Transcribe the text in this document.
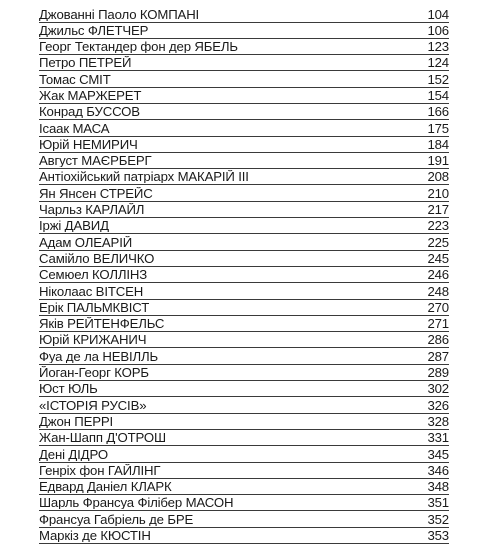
Джованні Паоло КОМПАНІ	104
Джильс ФЛЕТЧЕР	106
Георг Тектандер фон дер ЯБЕЛЬ	123
Петро ПЕТРЕЙ	124
Томас СМІТ	152
Жак МАРЖЕРЕТ	154
Конрад БУССОВ	166
Ісаак МАСА	175
Юрій НЕМИРИЧ	184
Август МАЄРБЕРГ	191
Антіохійський патріарх МАКАРІЙ III	208
Ян Янсен СТРЕЙС	210
Чарльз КАРЛАЙЛ	217
Іржі ДАВИД	223
Адам ОЛЕАРІЙ	225
Самійло ВЕЛИЧКО	245
Семюел КОЛЛІНЗ	246
Ніколаас ВІТСЕН	248
Ерік ПАЛЬМКВІСТ	270
Яків РЕЙТЕНФЕЛЬС	271
Юрій КРИЖАНИЧ	286
Фуа де ла НЕВІЛЛЬ	287
Йоган-Георг КОРБ	289
Юст ЮЛЬ	302
«ІСТОРІЯ РУСІВ»	326
Джон ПЕРРІ	328
Жан-Шапп Д'ОТРОШ	331
Дені ДІДРО	345
Генріх фон ГАЙЛІНГ	346
Едвард Даніел КЛАРК	348
Шарль Франсуа Філібер МАСОН	351
Франсуа Габріель де БРЕ	352
Маркіз де КЮСТІН	353
